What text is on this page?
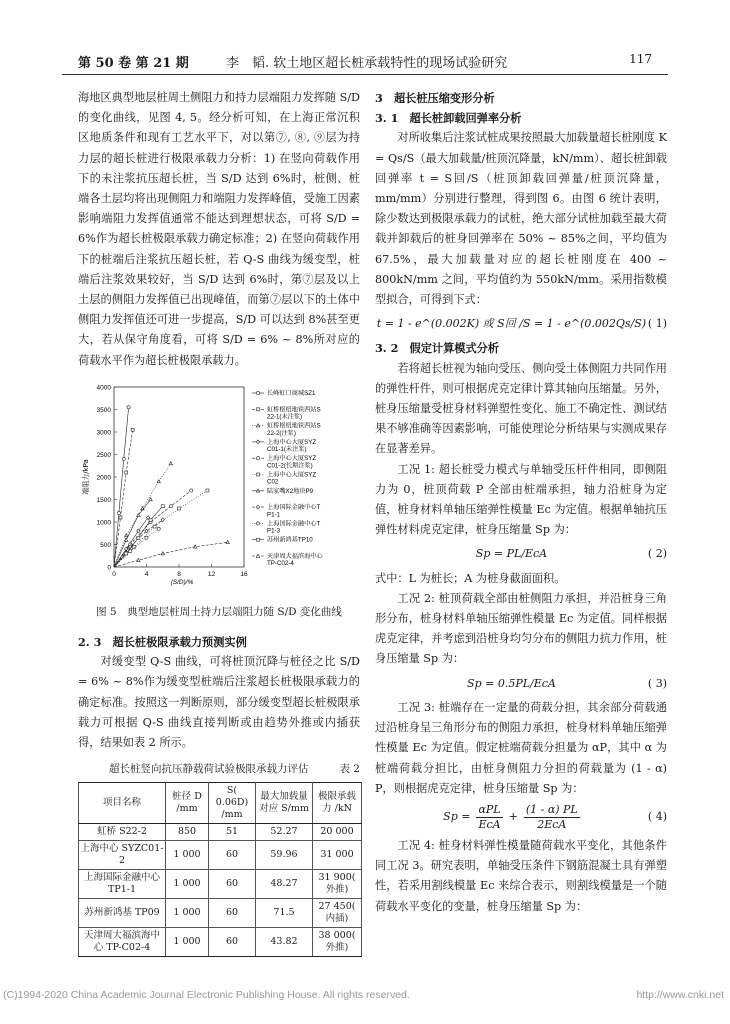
第 50 卷 第 21 期	李　韬. 软土地区超长桩承载特性的现场试验研究	117

海地区典型地层桩周土侧阻力和持力层端阻力发挥随 S/D 的变化曲线，见图 4, 5。经分析可知，在上海正常沉积区地质条件和现有工艺水平下，对以第⑦, ⑧, ⑨层为持力层的超长桩进行极限承载力分析：1) 在竖向荷载作用下的未注浆抗压超长桩，当 S/D 达到 6%时，桩侧、桩端各土层均将出现侧阻力和端阻力发挥峰值，受施工因素影响端阻力发挥值通常不能达到理想状态，可将 S/D = 6%作为超长桩极限承载力确定标准；2) 在竖向荷载作用下的桩端后注浆抗压超长桩，若 Q-S 曲线为缓变型，桩端后注浆效果较好，当 S/D 达到 6%时，第⑦层及以上土层的侧阻力发挥值已出现峰值，而第⑦层以下的土体中侧阻力发挥值还可进一步提高，S/D 可以达到 8%甚至更大，若从保守角度看，可将 S/D = 6% ~ 8%所对应的荷载水平作为超长桩极限承载力。

0
500
1000
1500
2000
2500
3000
3500
4000
0	4	8	12	16
(S/D)/%
端阻力/kPa
长峰虹口商城SZ1
虹桥枢纽地铁西站S
22-1(未注浆)
虹桥枢纽地铁西站S
22-2(注浆)
上海中心大厦SYZ
C01-1(未注浆)
上海中心大厦SYZ
C01-2(长期注浆)
上海中心大厦SYZ
C02
陆家嘴X2地块P9
上海国际金融中心T
P1-1
上海国际金融中心T
P1-3
苏州新鸿基TP10
天津周大福滨海中心
TP-C02-4

图 5　典型地层桩周土持力层端阻力随 S/D 变化曲线

2. 3　超长桩极限承载力预测实例

对缓变型 Q-S 曲线，可将桩顶沉降与桩径之比 S/D = 6% ~ 8%作为缓变型桩端后注浆超长桩极限承载力的确定标准。按照这一判断原则，部分缓变型超长桩极限承载力可根据 Q-S 曲线直接判断或由趋势外推或内插获得，结果如表 2 所示。

超长桩竖向抗压静载荷试验极限承载力评估	表 2

项目名称	桩径 D /mm	S( 0.06D) /mm	最大加载量对应 S/mm	极限承载力 /kN
虹桥 S22-2	850	51	52.27	20 000
上海中心 SYZC01-2	1 000	60	59.96	31 000
上海国际金融中心 TP1-1	1 000	60	48.27	31 900( 外推)
苏州新鸿基 TP09	1 000	60	71.5	27 450( 内插)
天津周大福滨海中心 TP-C02-4	1 000	60	43.82	38 000( 外推)

3　超长桩压缩变形分析

3. 1　超长桩卸载回弹率分析

对所收集后注浆试桩成果按照最大加载量超长桩刚度 K = Qs/S（最大加载量/桩顶沉降量，kN/mm）、超长桩卸载回弹率 t = S回/S（桩顶卸载回弹量/桩顶沉降量，mm/mm）分别进行整理，得到图 6。由图 6 统计表明，除少数达到极限承载力的试桩，绝大部分试桩加载至最大荷载并卸载后的桩身回弹率在 50% ~ 85%之间，平均值为 67.5%，最大加载量对应的超长桩刚度在 400 ~ 800kN/mm 之间，平均值约为 550kN/mm。采用指数模型拟合，可得到下式：

t = 1 - e^(0.002K) 或 S回 /S = 1 - e^(0.002Qs/S) ( 1)

3. 2　假定计算模式分析

若将超长桩视为轴向受压、侧向受土体侧阻力共同作用的弹性杆件，则可根据虎克定律计算其轴向压缩量。另外，桩身压缩量受桩身材料弹塑性变化、施工不确定性、测试结果不够准确等因素影响，可能使理论分析结果与实测成果存在显著差异。

工况 1: 超长桩受力模式与单轴受压杆件相同，即侧阻力为 0，桩顶荷载 P 全部由桩端承担，轴力沿桩身为定值，桩身材料单轴压缩弹性模量 Ec 为定值。根据单轴抗压弹性材料虎克定律，桩身压缩量 Sp 为：

Sp = PL/EcA	( 2)

式中：L 为桩长；A 为桩身截面面积。

工况 2: 桩顶荷载全部由桩侧阻力承担，并沿桩身三角形分布，桩身材料单轴压缩弹性模量 Ec 为定值。同样根据虎克定律，并考虑到沿桩身均匀分布的侧阻力抗力作用，桩身压缩量 Sp 为：

Sp = 0.5PL/EcA	( 3)

工况 3: 桩端存在一定量的荷载分担，其余部分荷载通过沿桩身呈三角形分布的侧阻力承担，桩身材料单轴压缩弹性模量 Ec 为定值。假定桩端荷载分担量为 αP，其中 α 为桩端荷载分担比，由桩身侧阻力分担的荷载量为 (1 - α) P，则根据虎克定律，桩身压缩量 Sp 为：

Sp =
αPL
EcA
+
(1 - α) PL
2EcA
( 4)

工况 4: 桩身材料弹性模量随荷载水平变化，其他条件同工况 3。研究表明，单轴受压条件下钢筋混凝土具有弹塑性，若采用割线模量 Ec 来综合表示，则割线模量是一个随荷载水平变化的变量，桩身压缩量 Sp 为：

(C)1994-2020 China Academic Journal Electronic Publishing House. All rights reserved.	http://www.cnki.net
